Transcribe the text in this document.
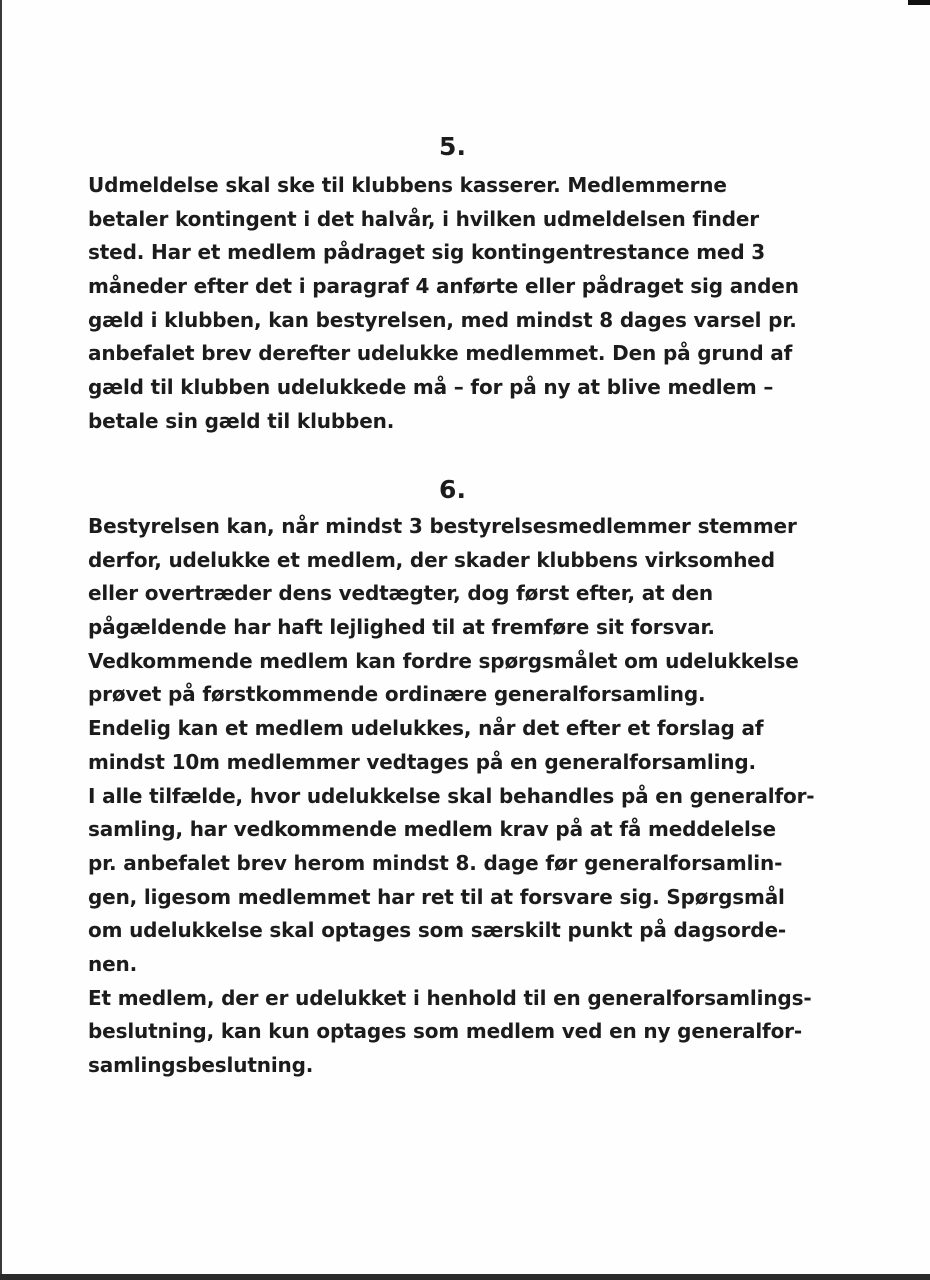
5.
Udmeldelse skal ske til klubbens kasserer. Medlemmerne
betaler kontingent i det halvår, i hvilken udmeldelsen finder
sted. Har et medlem pådraget sig kontingentrestance med 3
måneder efter det i paragraf 4 anførte eller pådraget sig anden
gæld i klubben, kan bestyrelsen, med mindst 8 dages varsel pr.
anbefalet brev derefter udelukke medlemmet. Den på grund af
gæld til klubben udelukkede må – for på ny at blive medlem –
betale sin gæld til klubben.
6.
Bestyrelsen kan, når mindst 3 bestyrelsesmedlemmer stemmer
derfor, udelukke et medlem, der skader klubbens virksomhed
eller overtræder dens vedtægter, dog først efter, at den
pågældende har haft lejlighed til at fremføre sit forsvar.
Vedkommende medlem kan fordre spørgsmålet om udelukkelse
prøvet på førstkommende ordinære generalforsamling.
Endelig kan et medlem udelukkes, når det efter et forslag af
mindst 10m medlemmer vedtages på en generalforsamling.
I alle tilfælde, hvor udelukkelse skal behandles på en generalfor-
samling, har vedkommende medlem krav på at få meddelelse
pr. anbefalet brev herom mindst 8. dage før generalforsamlin-
gen, ligesom medlemmet har ret til at forsvare sig. Spørgsmål
om udelukkelse skal optages som særskilt punkt på dagsorde-
nen.
Et medlem, der er udelukket i henhold til en generalforsamlings-
beslutning, kan kun optages som medlem ved en ny generalfor-
samlingsbeslutning.
